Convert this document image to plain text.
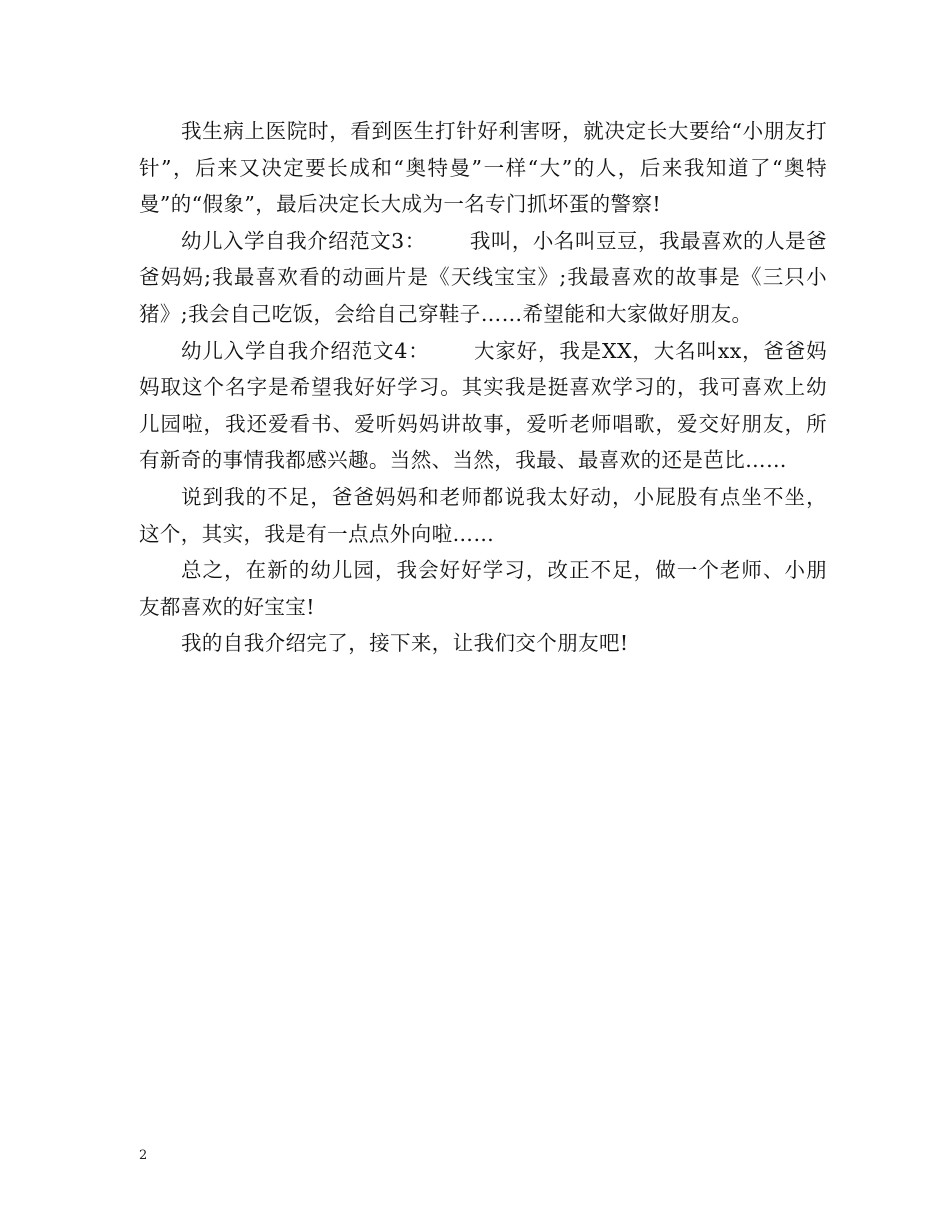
我生病上医院时，看到医生打针好利害呀，就决定长大要给“小朋友打针”，后来又决定要长成和“奥特曼”一样“大”的人，后来我知道了“奥特曼”的“假象”，最后决定长大成为一名专门抓坏蛋的警察!

幼儿入学自我介绍范文3： 我叫，小名叫豆豆，我最喜欢的人是爸爸妈妈;我最喜欢看的动画片是《天线宝宝》;我最喜欢的故事是《三只小猪》;我会自己吃饭，会给自己穿鞋子……希望能和大家做好朋友。

幼儿入学自我介绍范文4： 大家好，我是XX，大名叫xx，爸爸妈妈取这个名字是希望我好好学习。其实我是挺喜欢学习的，我可喜欢上幼儿园啦，我还爱看书、爱听妈妈讲故事，爱听老师唱歌，爱交好朋友，所有新奇的事情我都感兴趣。当然、当然，我最、最喜欢的还是芭比……

说到我的不足，爸爸妈妈和老师都说我太好动，小屁股有点坐不坐，这个，其实，我是有一点点外向啦……

总之，在新的幼儿园，我会好好学习，改正不足，做一个老师、小朋友都喜欢的好宝宝!

我的自我介绍完了，接下来，让我们交个朋友吧!

2
